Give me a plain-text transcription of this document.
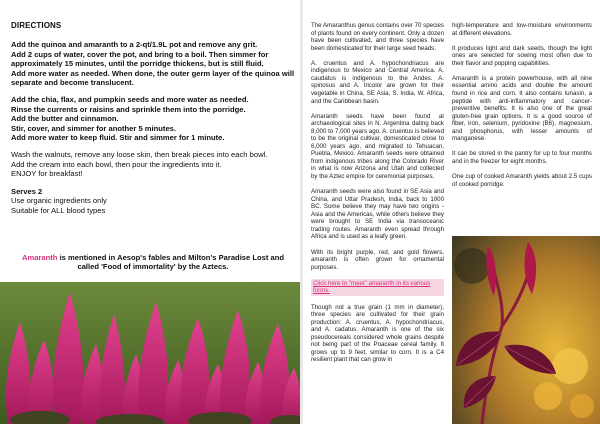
DIRECTIONS

Add the quinoa and amaranth to a 2-qt/1.9L pot and remove any grit.

Add 2 cups of water, cover the pot, and bring to a boil. Then simmer for approximately 15 minutes, until the porridge thickens, but is still fluid.

Add more water as needed. When done, the outer germ layer of the quinoa will separate and become translucent.

Add the chia, flax, and pumpkin seeds and more water as needed.

Rinse the currents or raisins and sprinkle them into the porridge.

Add the butter and cinnamon.

Stir, cover, and simmer for another 5 minutes.

Add more water to keep fluid. Stir and simmer for 1 minute.

Wash the walnuts, remove any loose skin, then break pieces into each bowl.

Add the cream into each bowl, then pour the ingredients into it.

ENJOY for breakfast!

Serves 2

Use organic ingredients only

Suitable for ALL blood types

Amaranth is mentioned in Aesop's fables and Milton's Paradise Lost and called 'Food of immortality' by the Aztecs.

The Amaranthus genus contains over 70 species of plants found on every continent. Only a dozen have been cultivated, and three species have been domesticated for their large seed heads.

A. cruentus and A. hypochondriacus are indigenous to Mexico and Central America. A. caudatus is indigenous to the Andes. A. spinosus and A. tricolor are grown for their vegetable in China, SE Asia, S. India, W. Africa, and the Caribbean basin.

Amaranth seeds have been found at archaeological sites in N. Argentina dating back 8,000 to 7,000 years ago. A. cruentus is believed to be the original cultivar, domesticated close to 6,000 years ago, and migrated to Tehuacan, Puebla, Mexico. Amaranth seeds were obtained from indigenous tribes along the Colorado River in what is now Arizona and Utah and collected by the Aztec empire for ceremonial purposes.

Amaranth seeds were also found in SE Asia and China, and Uttar Pradesh, India, back to 1000 BC. Some believe they may have two origins - Asia and the Americas, while others believe they were brought to SE India via transoceanic trading routes. Amaranth even spread through Africa and is used as a leafy green.

With its bright purple, red, and gold flowers, amaranth is often grown for ornamental purposes.

Click here to "meet" amaranth in its various forms.

Though not a true grain (1 mm in diameter), three species are cultivated for their grain production: A. cruentus, A. hypochondriacus, and A. cadatus. Amaranth is one of the six pseudocereals considered whole grains despite not being part of the Poaceae cereal family. It grows up to 9 feet, similar to corn. It is a C4 resilient plant that can grow in

high-temperature and low-moisture environments at different elevations.

It produces light and dark seeds, though the light ones are selected for sowing most often due to their flavor and popping capabilities.

Amaranth is a protein powerhouse, with all nine essential amino acids and double the amount found in rice and corn. It also contains lunasin, a peptide with anti-inflammatory and cancer-preventive benefits. It is also one of the great gluten-free grain options. It is a good source of fiber, iron, selenium, pyridoxine (B6), magnesium, and phosphorus, with lesser amounts of manganese.

It can be stored in the pantry for up to four months and in the freezer for eight months.

One cup of cooked Amaranth yields about 2.5 cups of cooked porridge.
